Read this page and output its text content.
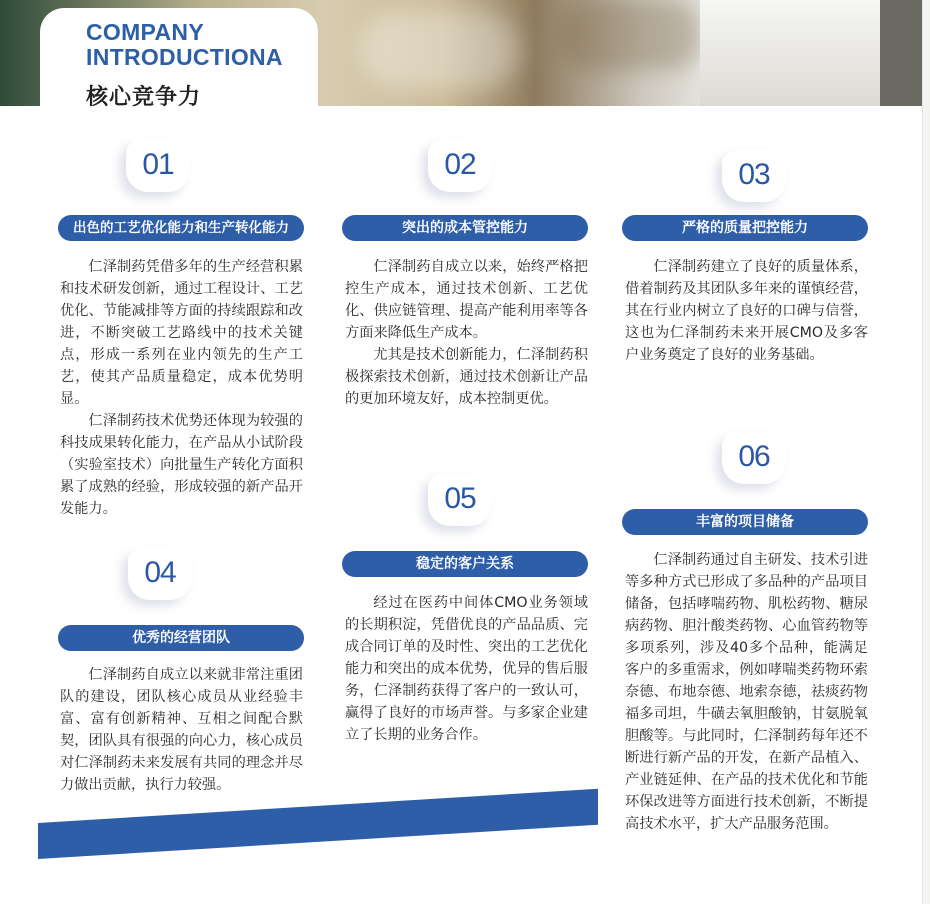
COMPANY
INTRODUCTIONA
核心竞争力
01
出色的工艺优化能力和生产转化能力

仁泽制药凭借多年的生产经营积累和技术研发创新，通过工程设计、工艺优化、节能减排等方面的持续跟踪和改进，不断突破工艺路线中的技术关键点，形成一系列在业内领先的生产工艺，使其产品质量稳定，成本优势明显。

仁泽制药技术优势还体现为较强的科技成果转化能力，在产品从小试阶段（实验室技术）向批量生产转化方面积累了成熟的经验，形成较强的新产品开发能力。

02
突出的成本管控能力

仁泽制药自成立以来，始终严格把控生产成本，通过技术创新、工艺优化、供应链管理、提高产能利用率等各方面来降低生产成本。

尤其是技术创新能力，仁泽制药积极探索技术创新，通过技术创新让产品的更加环境友好，成本控制更优。

03
严格的质量把控能力

仁泽制药建立了良好的质量体系，借着制药及其团队多年来的谨慎经营，其在行业内树立了良好的口碑与信誉，这也为仁泽制药未来开展CMO及多客户业务奠定了良好的业务基础。

04
优秀的经营团队

仁泽制药自成立以来就非常注重团队的建设，团队核心成员从业经验丰富、富有创新精神、互相之间配合默契，团队具有很强的向心力，核心成员对仁泽制药未来发展有共同的理念并尽力做出贡献，执行力较强。

05
稳定的客户关系

经过在医药中间体CMO业务领域的长期积淀，凭借优良的产品品质、完成合同订单的及时性、突出的工艺优化能力和突出的成本优势，优异的售后服务，仁泽制药获得了客户的一致认可，赢得了良好的市场声誉。与多家企业建立了长期的业务合作。

06
丰富的项目储备

仁泽制药通过自主研发、技术引进等多种方式已形成了多品种的产品项目储备，包括哮喘药物、肌松药物、糖尿病药物、胆汁酸类药物、心血管药物等多项系列，涉及40多个品种，能满足客户的多重需求，例如哮喘类药物环索奈德、布地奈德、地索奈德，祛痰药物福多司坦，牛磺去氧胆酸钠，甘氨脱氧胆酸等。与此同时，仁泽制药每年还不断进行新产品的开发，在新产品植入、产业链延伸、在产品的技术优化和节能环保改进等方面进行技术创新，不断提高技术水平，扩大产品服务范围。
